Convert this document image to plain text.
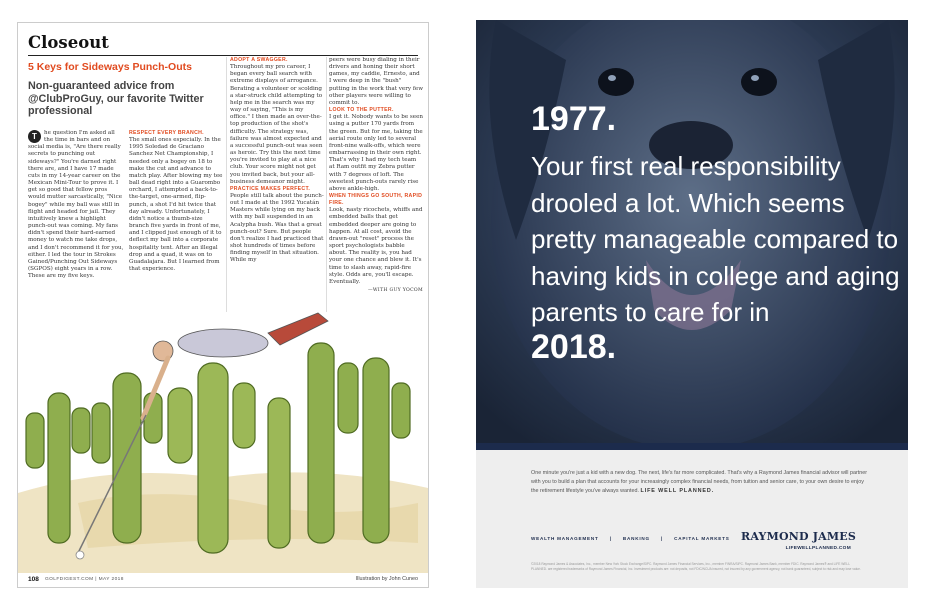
Closeout
5 Keys for Sideways Punch-Outs
Non-guaranteed advice from @ClubProGuy, our favorite Twitter professional
T	he question I'm asked all the time in bars and on social media is, "Are there really secrets to punching out sideways?" You're darned right there are, and I have 17 made cuts in my 14-year career on the Mexican Mini-Tour to prove it. I get so good that fellow pros would mutter sarcastically, "Nice bogey" while my ball was still in flight and headed for jail. They intuitively knew a highlight punch-out was coming. My fans didn't spend their hard-earned money to watch me take drops, and I don't recommend it for you, either. I led the tour in Strokes Gained/Punching Out Sideways (SGPOS) eight years in a row. These are my five keys.
RESPECT EVERY BRANCH.
The small ones especially. In the 1995 Soledad de Graciano Sanchez Net Championship, I needed only a bogey on 18 to make the cut and advance to match play. After blowing my tee ball dead right into a Guarombo orchard, I attempted a back-to-the-target, one-armed, flip-punch, a shot I'd hit twice that day already. Unfortunately, I didn't notice a thumb-size branch five yards in front of me, and I clipped just enough of it to deflect my ball into a corporate hospitality tent. After an illegal drop and a quad, it was on to Guadalajara. But I learned from that experience.
ADOPT A SWAGGER.
Throughout my pro career, I began every ball search with extreme displays of arrogance. Berating a volunteer or scolding a star-struck child attempting to help me in the search was my way of saying, "This is my office." I then made an over-the-top production of the shot's difficulty. The strategy was, failure was almost expected and a successful punch-out was seen as heroic. Try this the next time you're invited to play at a nice club. Your score might not get you invited back, but your all-business demeanor might.
PRACTICE MAKES PERFECT.
People still talk about the punch-out I made at the 1992 Yucatán Masters while lying on my back with my ball suspended in an Acalypha bush. Was that a great punch-out? Sure. But people don't realize I had practiced that shot hundreds of times before finding myself in that situation. While my
peers were busy dialing in their drivers and honing their short games, my caddie, Ernesto, and I were deep in the "bush" putting in the work that very few other players were willing to commit to.
LOOK TO THE PUTTER.
I get it. Nobody wants to be seen using a putter 170 yards from the green. But for me, taking the aerial route only led to several front-nine walk-offs, which were embarrassing in their own right. That's why I had my tech team at Ram outfit my Zebra putter with 7 degrees of loft. The sweetest punch-outs rarely rise above ankle-high.
WHEN THINGS GO SOUTH, RAPID FIRE.
Look, nasty ricochets, whiffs and embedded balls that get embedded deeper are going to happen. At all cost, avoid the drawn-out "reset" process the sport psychologists babble about. The reality is, you had your one chance and blew it. It's time to slash away, rapid-fire style. Odds are, you'll escape. Eventually.
—WITH GUY YOCOM
108 GOLFDIGEST.COM | MAY 2018	Illustration by John Cuneo
1977.
Your first real responsibility drooled a lot. Which seems pretty manageable compared to having kids in college and aging parents to care for in
2018.
One minute you're just a kid with a new dog. The next, life's far more complicated. That's why a Raymond James financial advisor will partner with you to build a plan that accounts for your increasingly complex financial needs, from tuition and senior care, to your own desire to enjoy the retirement lifestyle you've always wanted. LIFE WELL PLANNED.
WEALTH MANAGEMENT | BANKING | CAPITAL MARKETS	RAYMOND JAMES
LIFEWELLPLANNED.COM
©2018 Raymond James & Associates, Inc., member New York Stock Exchange/SIPC. Raymond James Financial Services, Inc., member FINRA/SIPC. Raymond James Bank, member FDIC. Raymond James® and LIFE WELL PLANNED. are registered trademarks of Raymond James Financial, Inc. Investment products are: not deposits, not FDIC/NCUA insured, not insured by any government agency, not bank guaranteed, subject to risk and may lose value.
